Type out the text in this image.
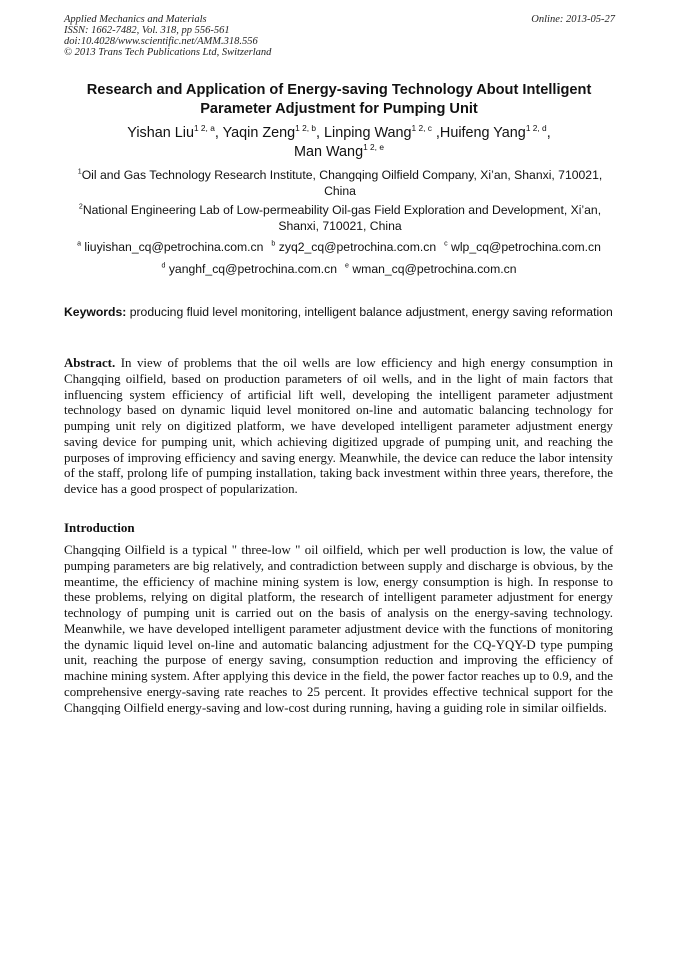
Applied Mechanics and Materials
ISSN: 1662-7482, Vol. 318, pp 556-561
doi:10.4028/www.scientific.net/AMM.318.556
© 2013 Trans Tech Publications Ltd, Switzerland
Online: 2013-05-27
Research and Application of Energy-saving Technology About Intelligent
Parameter Adjustment for Pumping Unit
Yishan Liu$^{1 2, a}$, Yaqin Zeng$^{1 2, b}$, Linping Wang$^{1 2, c}$ ,Huifeng Yang$^{1 2, d}$,
Man Wang$^{1 2, e}$
$^1$Oil and Gas Technology Research Institute, Changqing Oilfield Company, Xi’an, Shanxi, 710021, China
$^2$National Engineering Lab of Low-permeability Oil-gas Field Exploration and Development, Xi’an, Shanxi, 710021, China
$^a$ liuyishan_cq@petrochina.com.cn $^b$ zyq2_cq@petrochina.com.cn $^c$ wlp_cq@petrochina.com.cn
$^d$ yanghf_cq@petrochina.com.cn $^e$ wman_cq@petrochina.com.cn
Keywords: producing fluid level monitoring, intelligent balance adjustment, energy saving reformation
Abstract. In view of problems that the oil wells are low efficiency and high energy consumption in Changqing oilfield, based on production parameters of oil wells, and in the light of main factors that influencing system efficiency of artificial lift well, developing the intelligent parameter adjustment technology based on dynamic liquid level monitored on-line and automatic balancing technology for pumping unit rely on digitized platform, we have developed intelligent parameter adjustment energy saving device for pumping unit, which achieving digitized upgrade of pumping unit, and reaching the purposes of improving efficiency and saving energy. Meanwhile, the device can reduce the labor intensity of the staff, prolong life of pumping installation, taking back investment within three years, therefore, the device has a good prospect of popularization.
Introduction
Changqing Oilfield is a typical " three-low " oil oilfield, which per well production is low, the value of pumping parameters are big relatively, and contradiction between supply and discharge is obvious, by the meantime, the efficiency of machine mining system is low, energy consumption is high. In response to these problems, relying on digital platform, the research of intelligent parameter adjustment for energy technology of pumping unit is carried out on the basis of analysis on the energy-saving technology. Meanwhile, we have developed intelligent parameter adjustment device with the functions of monitoring the dynamic liquid level on-line and automatic balancing adjustment for the CQ-YQY-D type pumping unit, reaching the purpose of energy saving, consumption reduction and improving the efficiency of machine mining system. After applying this device in the field, the power factor reaches up to 0.9, and the comprehensive energy-saving rate reaches to 25 percent. It provides effective technical support for the Changqing Oilfield energy-saving and low-cost during running, having a guiding role in similar oilfields.
